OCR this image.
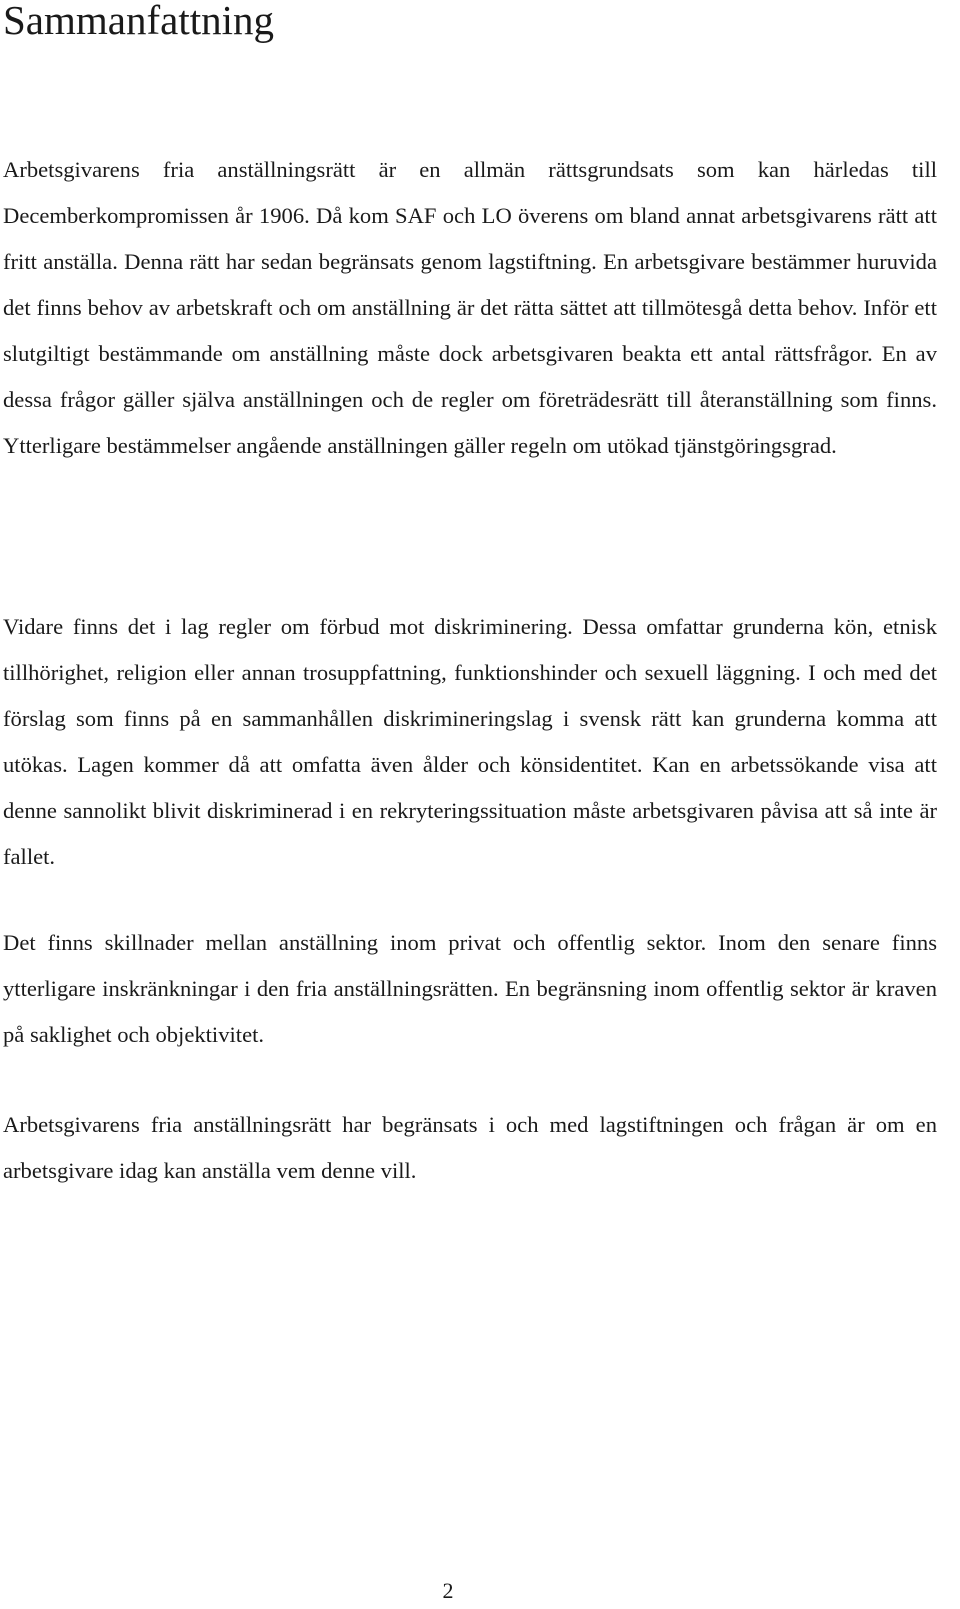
Sammanfattning

Arbetsgivarens fria anställningsrätt är en allmän rättsgrundsats som kan härledas till Decemberkompromissen år 1906. Då kom SAF och LO överens om bland annat arbetsgivarens rätt att fritt anställa. Denna rätt har sedan begränsats genom lagstiftning. En arbetsgivare bestämmer huruvida det finns behov av arbetskraft och om anställning är det rätta sättet att tillmötesgå detta behov. Inför ett slutgiltigt bestämmande om anställning måste dock arbetsgivaren beakta ett antal rättsfrågor. En av dessa frågor gäller själva anställningen och de regler om företrädesrätt till återanställning som finns. Ytterligare bestämmelser angående anställningen gäller regeln om utökad tjänstgöringsgrad.

Vidare finns det i lag regler om förbud mot diskriminering. Dessa omfattar grunderna kön, etnisk tillhörighet, religion eller annan trosuppfattning, funktionshinder och sexuell läggning. I och med det förslag som finns på en sammanhållen diskrimineringslag i svensk rätt kan grunderna komma att utökas. Lagen kommer då att omfatta även ålder och könsidentitet. Kan en arbetssökande visa att denne sannolikt blivit diskriminerad i en rekryteringssituation måste arbetsgivaren påvisa att så inte är fallet.

Det finns skillnader mellan anställning inom privat och offentlig sektor. Inom den senare finns ytterligare inskränkningar i den fria anställningsrätten. En begränsning inom offentlig sektor är kraven på saklighet och objektivitet.

Arbetsgivarens fria anställningsrätt har begränsats i och med lagstiftningen och frågan är om en arbetsgivare idag kan anställa vem denne vill.

2
